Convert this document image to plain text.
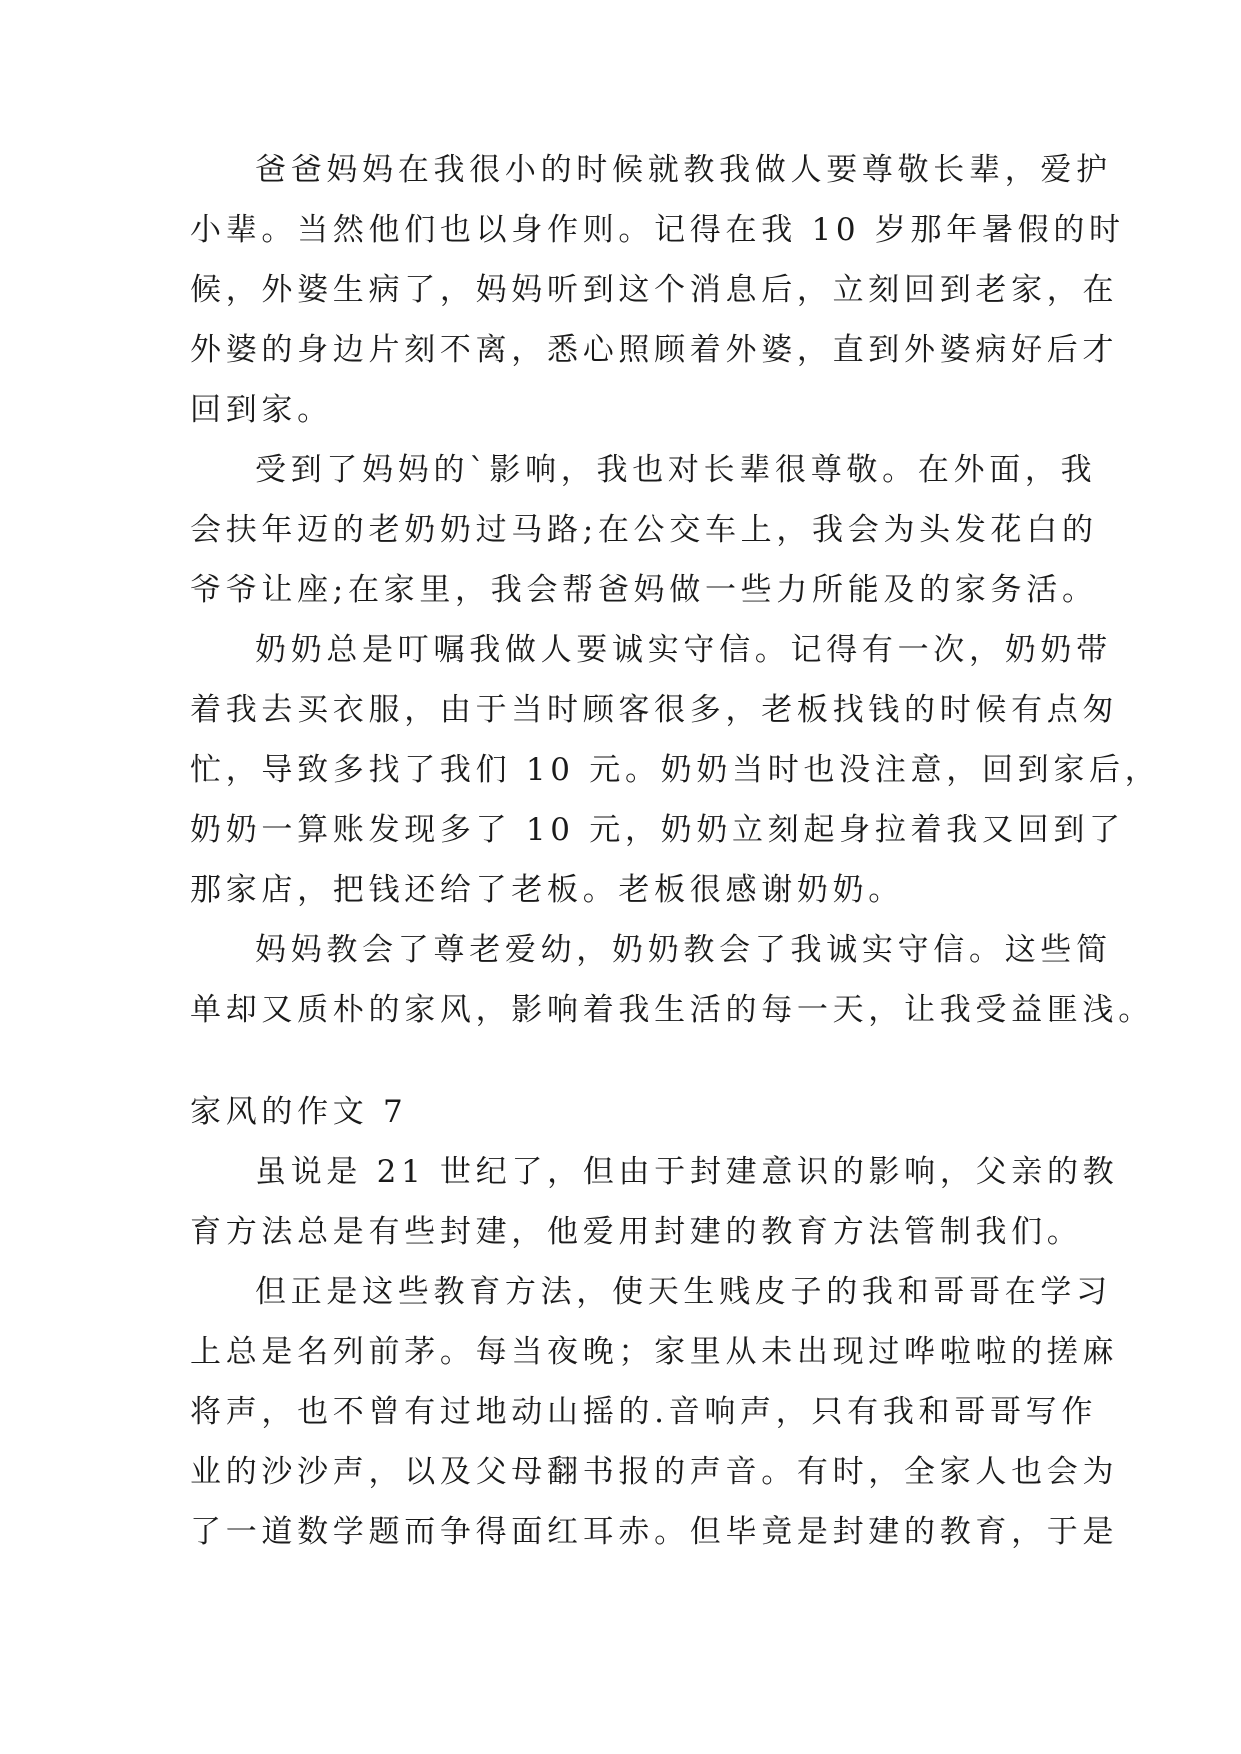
爸爸妈妈在我很小的时候就教我做人要尊敬长辈，爱护
小辈。当然他们也以身作则。记得在我 10 岁那年暑假的时
候，外婆生病了，妈妈听到这个消息后，立刻回到老家，在
外婆的身边片刻不离，悉心照顾着外婆，直到外婆病好后才
回到家。
受到了妈妈的`影响，我也对长辈很尊敬。在外面，我
会扶年迈的老奶奶过马路;在公交车上，我会为头发花白的
爷爷让座;在家里，我会帮爸妈做一些力所能及的家务活。
奶奶总是叮嘱我做人要诚实守信。记得有一次，奶奶带
着我去买衣服，由于当时顾客很多，老板找钱的时候有点匆
忙，导致多找了我们 10 元。奶奶当时也没注意，回到家后，
奶奶一算账发现多了 10 元，奶奶立刻起身拉着我又回到了
那家店，把钱还给了老板。老板很感谢奶奶。
妈妈教会了尊老爱幼，奶奶教会了我诚实守信。这些简
单却又质朴的家风，影响着我生活的每一天，让我受益匪浅。
家风的作文 7
虽说是 21 世纪了，但由于封建意识的影响，父亲的教
育方法总是有些封建，他爱用封建的教育方法管制我们。
但正是这些教育方法，使天生贱皮子的我和哥哥在学习
上总是名列前茅。每当夜晚；家里从未出现过哗啦啦的搓麻
将声，也不曾有过地动山摇的.音响声，只有我和哥哥写作
业的沙沙声，以及父母翻书报的声音。有时，全家人也会为
了一道数学题而争得面红耳赤。但毕竟是封建的教育，于是
